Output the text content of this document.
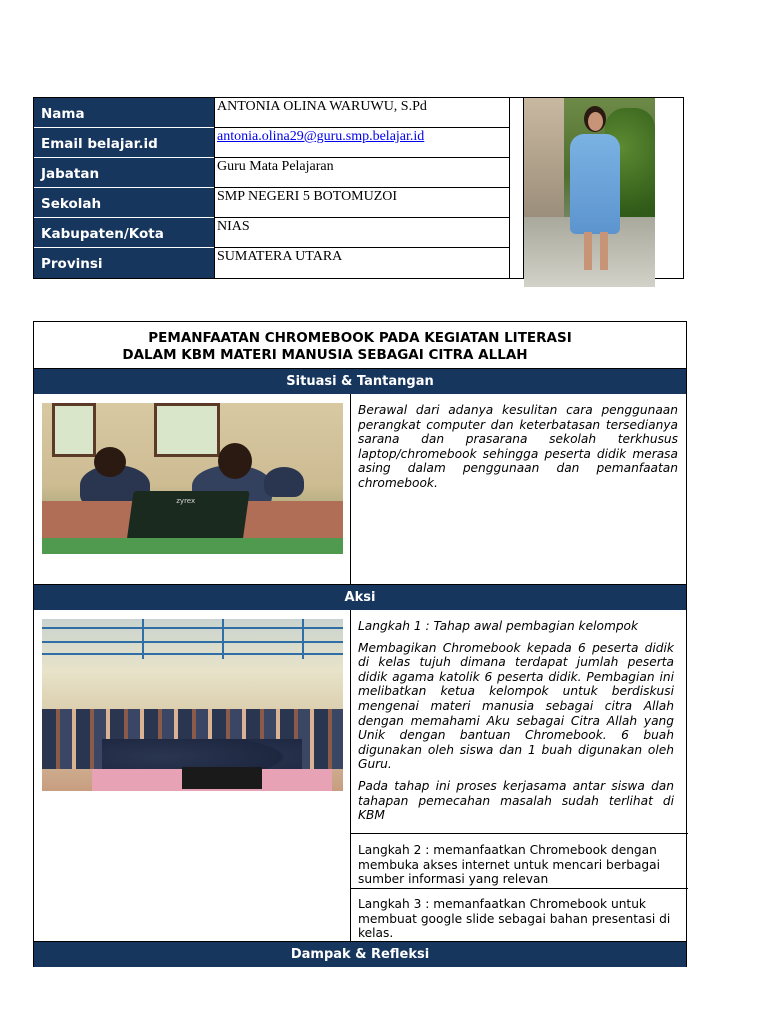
Nama	ANTONIA OLINA WARUWU, S.Pd
Email belajar.id	antonia.olina29@guru.smp.belajar.id
Jabatan	Guru Mata Pelajaran
Sekolah	SMP NEGERI 5 BOTOMUZOI
Kabupaten/Kota	NIAS
Provinsi	SUMATERA UTARA
PEMANFAATAN CHROMEBOOK PADA KEGIATAN LITERASI
DALAM KBM MATERI MANUSIA SEBAGAI CITRA ALLAH
Situasi & Tantangan
zyrex
Berawal dari adanya kesulitan cara penggunaan perangkat computer dan keterbatasan tersedianya sarana dan prasarana sekolah terkhusus laptop/chromebook sehingga peserta didik merasa asing dalam penggunaan dan pemanfaatan chromebook.
Aksi

Langkah 1 : Tahap awal pembagian kelompok

Membagikan Chromebook kepada 6 peserta didik di kelas tujuh dimana terdapat jumlah peserta didik agama katolik 6 peserta didik. Pembagian ini melibatkan ketua kelompok untuk berdiskusi mengenai materi manusia sebagai citra Allah dengan memahami Aku sebagai Citra Allah yang Unik dengan bantuan Chromebook. 6 buah digunakan oleh siswa dan 1 buah digunakan oleh Guru.

Pada tahap ini proses kerjasama antar siswa dan tahapan pemecahan masalah sudah terlihat di KBM

Langkah 2 : memanfaatkan Chromebook dengan membuka akses internet untuk mencari berbagai sumber informasi yang relevan
Langkah 3 : memanfaatkan Chromebook untuk membuat google slide sebagai bahan presentasi di kelas.
Dampak & Refleksi
